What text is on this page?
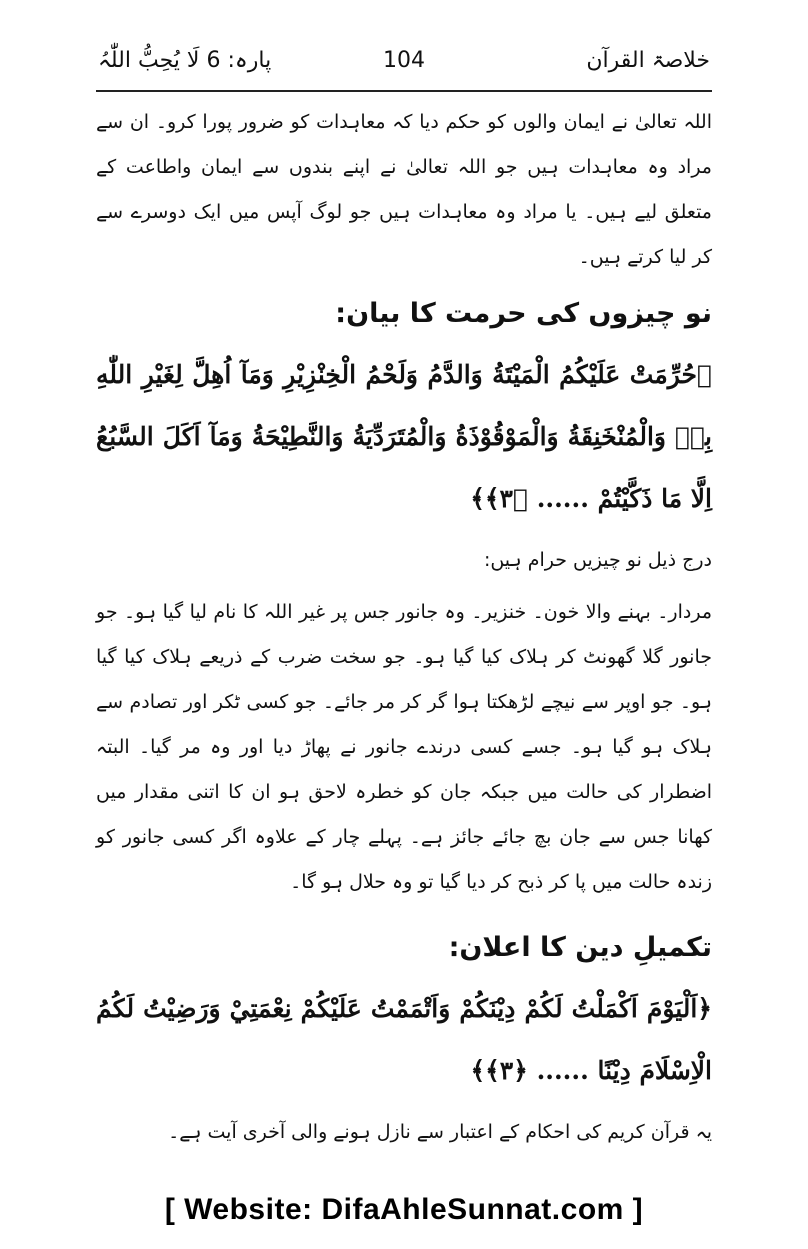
خلاصۃ القرآن
104
پارہ: 6 لَا یُحِبُّ اللّٰہُ

اللہ تعالیٰ نے ایمان والوں کو حکم دیا کہ معاہدات کو ضرور پورا کرو۔ ان سے مراد وہ معاہدات ہیں جو اللہ تعالیٰ نے اپنے بندوں سے ایمان واطاعت کے متعلق لیے ہیں۔ یا مراد وہ معاہدات ہیں جو لوگ آپس میں ایک دوسرے سے کر لیا کرتے ہیں۔

نو چیزوں کی حرمت کا بیان:

﴿حُرِّمَتْ عَلَيْكُمُ الْمَيْتَةُ وَالدَّمُ وَلَحْمُ الْخِنْزِيْرِ وَمَآ اُهِلَّ لِغَيْرِ اللّٰهِ بِهٖ وَالْمُنْخَنِقَةُ وَالْمَوْقُوْذَةُ وَالْمُتَرَدِّيَةُ وَالنَّطِيْحَةُ وَمَآ اَكَلَ السَّبُعُ اِلَّا مَا ذَكَّيْتُمْ ...... ﴿۳﴾﴾

درج ذیل نو چیزیں حرام ہیں:

مردار۔ بہنے والا خون۔ خنزیر۔ وہ جانور جس پر غیر اللہ کا نام لیا گیا ہو۔ جو جانور گلا گھونٹ کر ہلاک کیا گیا ہو۔ جو سخت ضرب کے ذریعے ہلاک کیا گیا ہو۔ جو اوپر سے نیچے لڑھکتا ہوا گر کر مر جائے۔ جو کسی ٹکر اور تصادم سے ہلاک ہو گیا ہو۔ جسے کسی درندے جانور نے پھاڑ دیا اور وہ مر گیا۔ البتہ اضطرار کی حالت میں جبکہ جان کو خطرہ لاحق ہو ان کا اتنی مقدار میں کھانا جس سے جان بچ جائے جائز ہے۔ پہلے چار کے علاوہ اگر کسی جانور کو زندہ حالت میں پا کر ذبح کر دیا گیا تو وہ حلال ہو گا۔

تکمیلِ دین کا اعلان:

﴿اَلْيَوْمَ اَكْمَلْتُ لَكُمْ دِيْنَكُمْ وَاَتْمَمْتُ عَلَيْكُمْ نِعْمَتِيْ وَرَضِيْتُ لَكُمُ الْاِسْلَامَ دِيْنًا ...... ﴿۳﴾﴾

یہ قرآن کریم کی احکام کے اعتبار سے نازل ہونے والی آخری آیت ہے۔

[ Website: DifaAhleSunnat.com ]
